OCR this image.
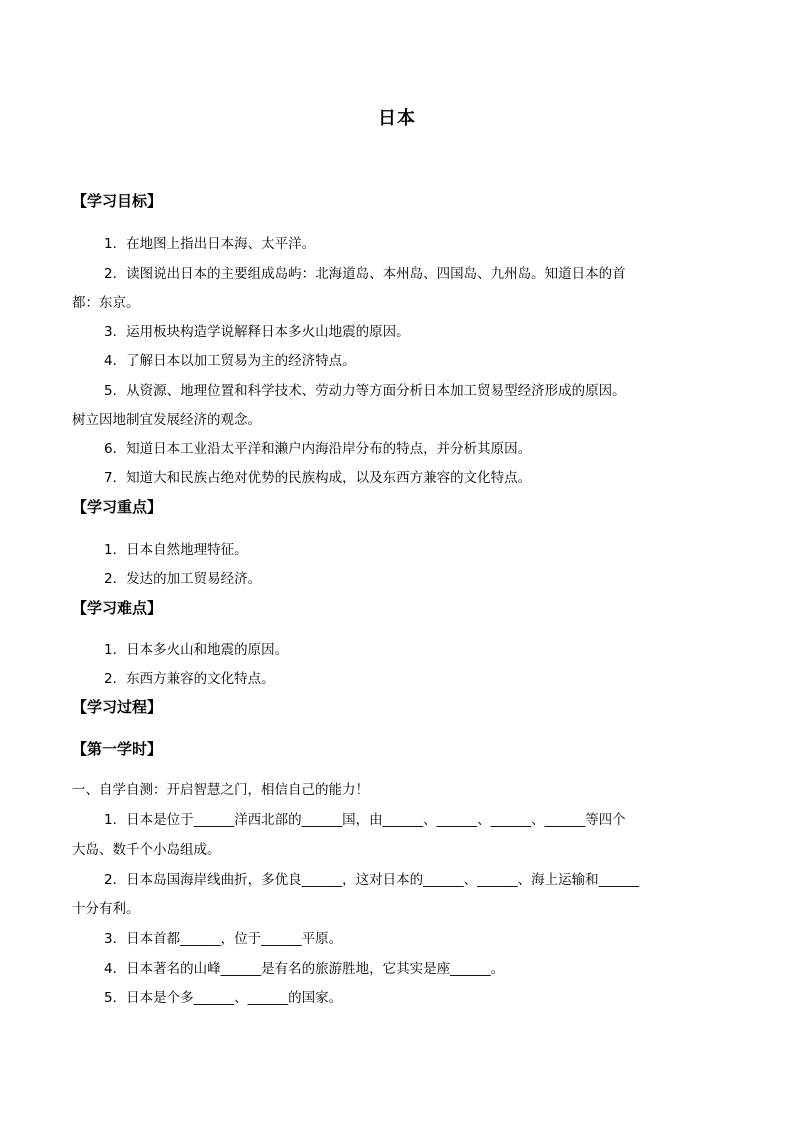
日本
【学习目标】
1．在地图上指出日本海、太平洋。
2．读图说出日本的主要组成岛屿：北海道岛、本州岛、四国岛、九州岛。知道日本的首
都：东京。
3．运用板块构造学说解释日本多火山地震的原因。
4．了解日本以加工贸易为主的经济特点。
5．从资源、地理位置和科学技术、劳动力等方面分析日本加工贸易型经济形成的原因。
树立因地制宜发展经济的观念。
6．知道日本工业沿太平洋和濑户内海沿岸分布的特点，并分析其原因。
7．知道大和民族占绝对优势的民族构成，以及东西方兼容的文化特点。
【学习重点】
1．日本自然地理特征。
2．发达的加工贸易经济。
【学习难点】
1．日本多火山和地震的原因。
2．东西方兼容的文化特点。
【学习过程】
【第一学时】
一、自学自测：开启智慧之门，相信自己的能力！
1．日本是位于______洋西北部的______国，由______、______、______、______等四个
大岛、数千个小岛组成。
2．日本岛国海岸线曲折，多优良______，这对日本的______、______、海上运输和______
十分有利。
3．日本首都______，位于______平原。
4．日本著名的山峰______是有名的旅游胜地，它其实是座______。
5．日本是个多______、______的国家。
